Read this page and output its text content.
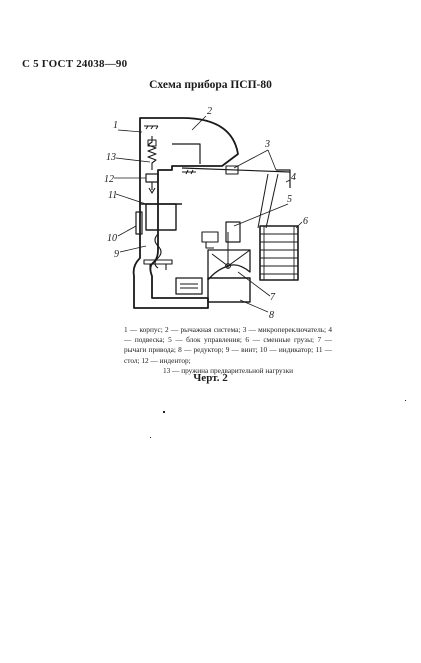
С 5 ГОСТ 24038—90
Схема прибора ПСП-80
1
2
3
4
5
6
7
8
9
10
11
12
13
1 — корпус; 2 — рычажная система; 3 — микропереключатель; 4 — подвеска; 5 — блок управления; 6 — сменные грузы; 7 — рычаги привода; 8 — редуктор; 9 — винт; 10 — индикатор; 11 — стол; 12 — индентор;
13 — пружина предварительной нагрузки
Черт. 2
